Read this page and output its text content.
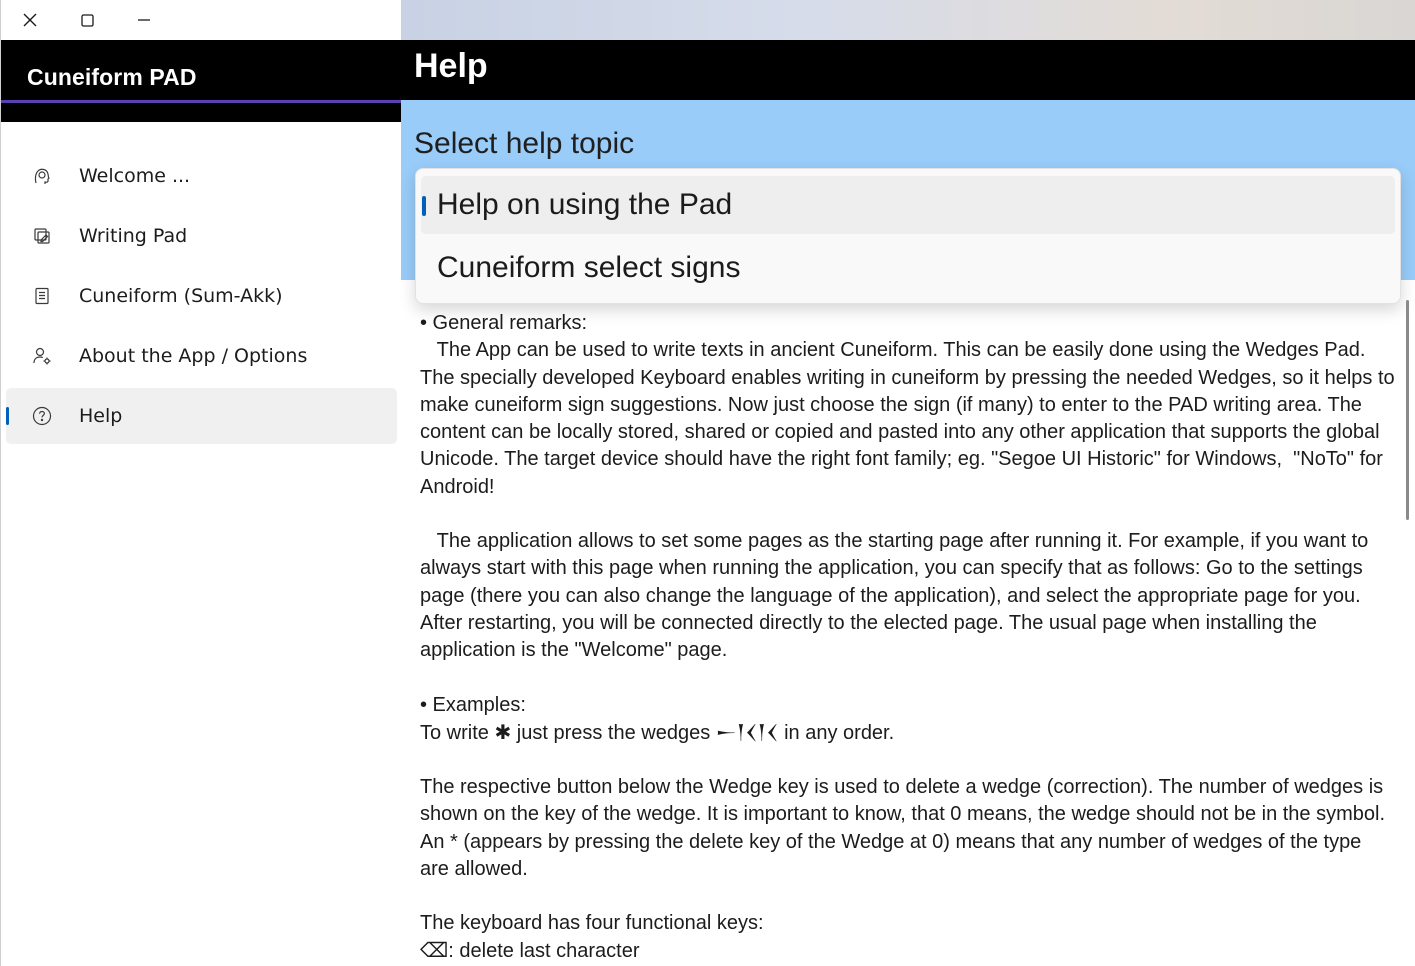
Cuneiform PAD
Welcome ...
Writing Pad
Cuneiform (Sum-Akk)
About the App / Options
Help
Help
Select help topic
Help on using the Pad
Cuneiform select signs

• General remarks:

The App can be used to write texts in ancient Cuneiform. This can be easily done using the Wedges Pad. The specially developed Keyboard enables writing in cuneiform by pressing the needed Wedges, so it helps to make cuneiform sign suggestions. Now just choose the sign (if many) to enter to the PAD writing area. The content can be locally stored, shared or copied and pasted into any other application that supports the global Unicode. The target device should have the right font family; eg. "Segoe UI Historic" for Windows,  "NoTo" for Android!

The application allows to set some pages as the starting page after running it. For example, if you want to always start with this page when running the application, you can specify that as follows: Go to the settings page (there you can also change the language of the application), and select the appropriate page for you. After restarting, you will be connected directly to the elected page. The usual page when installing the application is the "Welcome" page.

• Examples:

To write ✱ just press the wedges 𒀸𒁹𒌋𒁹𒌋 in any order.

The respective button below the Wedge key is used to delete a wedge (correction). The number of wedges is shown on the key of the wedge. It is important to know, that 0 means, the wedge should not be in the symbol. An * (appears by pressing the delete key of the Wedge at 0) means that any number of wedges of the type are allowed.

The keyboard has four functional keys:

⌫: delete last character
